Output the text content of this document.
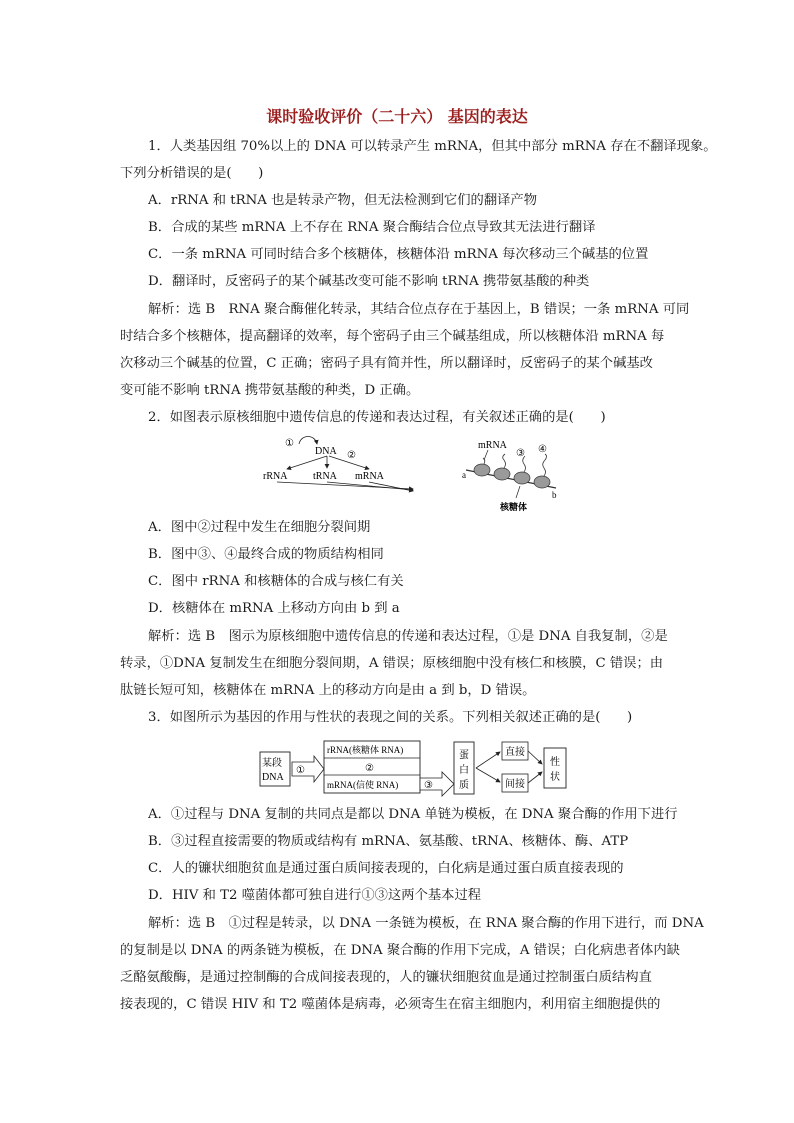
课时验收评价（二十六） 基因的表达
1．人类基因组 70%以上的 DNA 可以转录产生 mRNA，但其中部分 mRNA 存在不翻译现象。
下列分析错误的是(　　)
A．rRNA 和 tRNA 也是转录产物，但无法检测到它们的翻译产物
B．合成的某些 mRNA 上不存在 RNA 聚合酶结合位点导致其无法进行翻译
C．一条 mRNA 可同时结合多个核糖体，核糖体沿 mRNA 每次移动三个碱基的位置
D．翻译时，反密码子的某个碱基改变可能不影响 tRNA 携带氨基酸的种类
解析：选 B　RNA 聚合酶催化转录，其结合位点存在于基因上，B 错误；一条 mRNA 可同
时结合多个核糖体，提高翻译的效率，每个密码子由三个碱基组成，所以核糖体沿 mRNA 每
次移动三个碱基的位置，C 正确；密码子具有简并性，所以翻译时，反密码子的某个碱基改
变可能不影响 tRNA 携带氨基酸的种类，D 正确。
2．如图表示原核细胞中遗传信息的传递和表达过程，有关叙述正确的是(　　)
①
DNA ②
rRNA	tRNA mRNA
mRNA
③ ④
a
b
核糖体
A．图中②过程中发生在细胞分裂间期
B．图中③、④最终合成的物质结构相同
C．图中 rRNA 和核糖体的合成与核仁有关
D．核糖体在 mRNA 上移动方向由 b 到 a
解析：选 B　图示为原核细胞中遗传信息的传递和表达过程，①是 DNA 自我复制，②是
转录，①DNA 复制发生在细胞分裂间期，A 错误；原核细胞中没有核仁和核膜，C 错误；由
肽链长短可知，核糖体在 mRNA 上的移动方向是由 a 到 b，D 错误。
3．如图所示为基因的作用与性状的表现之间的关系。下列相关叙述正确的是(　　)
某段
DNA
①
rRNA(核糖体 RNA)
②
mRNA(信使 RNA)	③
蛋
白
质
直接
间接
性
状
A．①过程与 DNA 复制的共同点是都以 DNA 单链为模板，在 DNA 聚合酶的作用下进行
B．③过程直接需要的物质或结构有 mRNA、氨基酸、tRNA、核糖体、酶、ATP
C．人的镰状细胞贫血是通过蛋白质间接表现的，白化病是通过蛋白质直接表现的
D．HIV 和 T2 噬菌体都可独自进行①③这两个基本过程
解析：选 B　①过程是转录，以 DNA 一条链为模板，在 RNA 聚合酶的作用下进行，而 DNA
的复制是以 DNA 的两条链为模板，在 DNA 聚合酶的作用下完成，A 错误；白化病患者体内缺
乏酪氨酸酶，是通过控制酶的合成间接表现的，人的镰状细胞贫血是通过控制蛋白质结构直
接表现的，C 错误 HIV 和 T2 噬菌体是病毒，必须寄生在宿主细胞内，利用宿主细胞提供的
